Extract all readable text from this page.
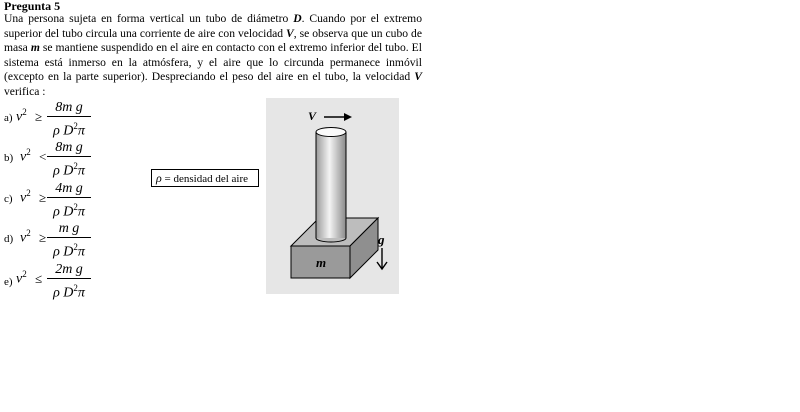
Pregunta 5
Una persona sujeta en forma vertical un tubo de diámetro D. Cuando por el extremo superior del tubo circula una corriente de aire con velocidad V, se observa que un cubo de masa m se mantiene suspendido en el aire en contacto con el extremo inferior del tubo. El sistema está inmerso en la atmósfera, y el aire que lo circunda permanece inmóvil (excepto en la parte superior). Despreciando el peso del aire en el tubo, la velocidad V verifica :
a) $v^2$ ≥
8m g
ρ $D^2\pi$
b) $v^2$ <
8m g
ρ $D^2\pi$
c) $v^2$ ≥
4m g
ρ $D^2\pi$
d) $v^2$ ≥
m g
ρ $D^2\pi$
e) $v^2$ ≤
2m g
ρ $D^2\pi$
ρ = densidad del aire
V
m
g
